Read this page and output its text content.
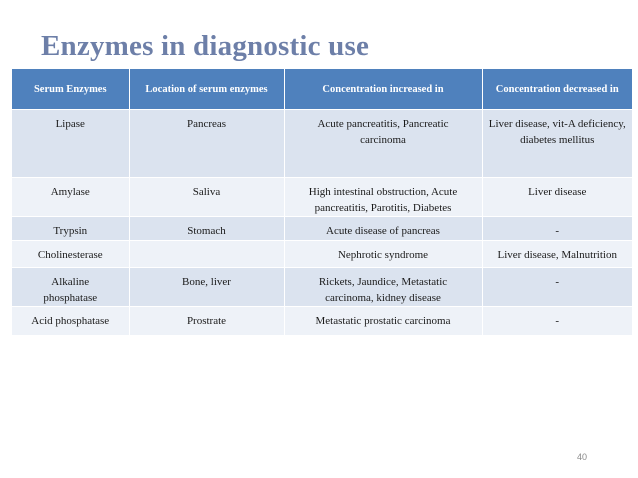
Enzymes in diagnostic use
Serum Enzymes	Location of serum enzymes	Concentration increased in	Concentration decreased in
Lipase	Pancreas	Acute pancreatitis, Pancreatic carcinoma	Liver disease, vit-A deficiency, diabetes mellitus
Amylase	Saliva	High intestinal obstruction, Acute pancreatitis, Parotitis, Diabetes	Liver disease
Trypsin	Stomach	Acute disease of pancreas	-
Cholinesterase		Nephrotic syndrome	Liver disease, Malnutrition
Alkaline phosphatase	Bone, liver	Rickets, Jaundice, Metastatic carcinoma, kidney disease	-
Acid phosphatase	Prostrate	Metastatic prostatic carcinoma	-
40
